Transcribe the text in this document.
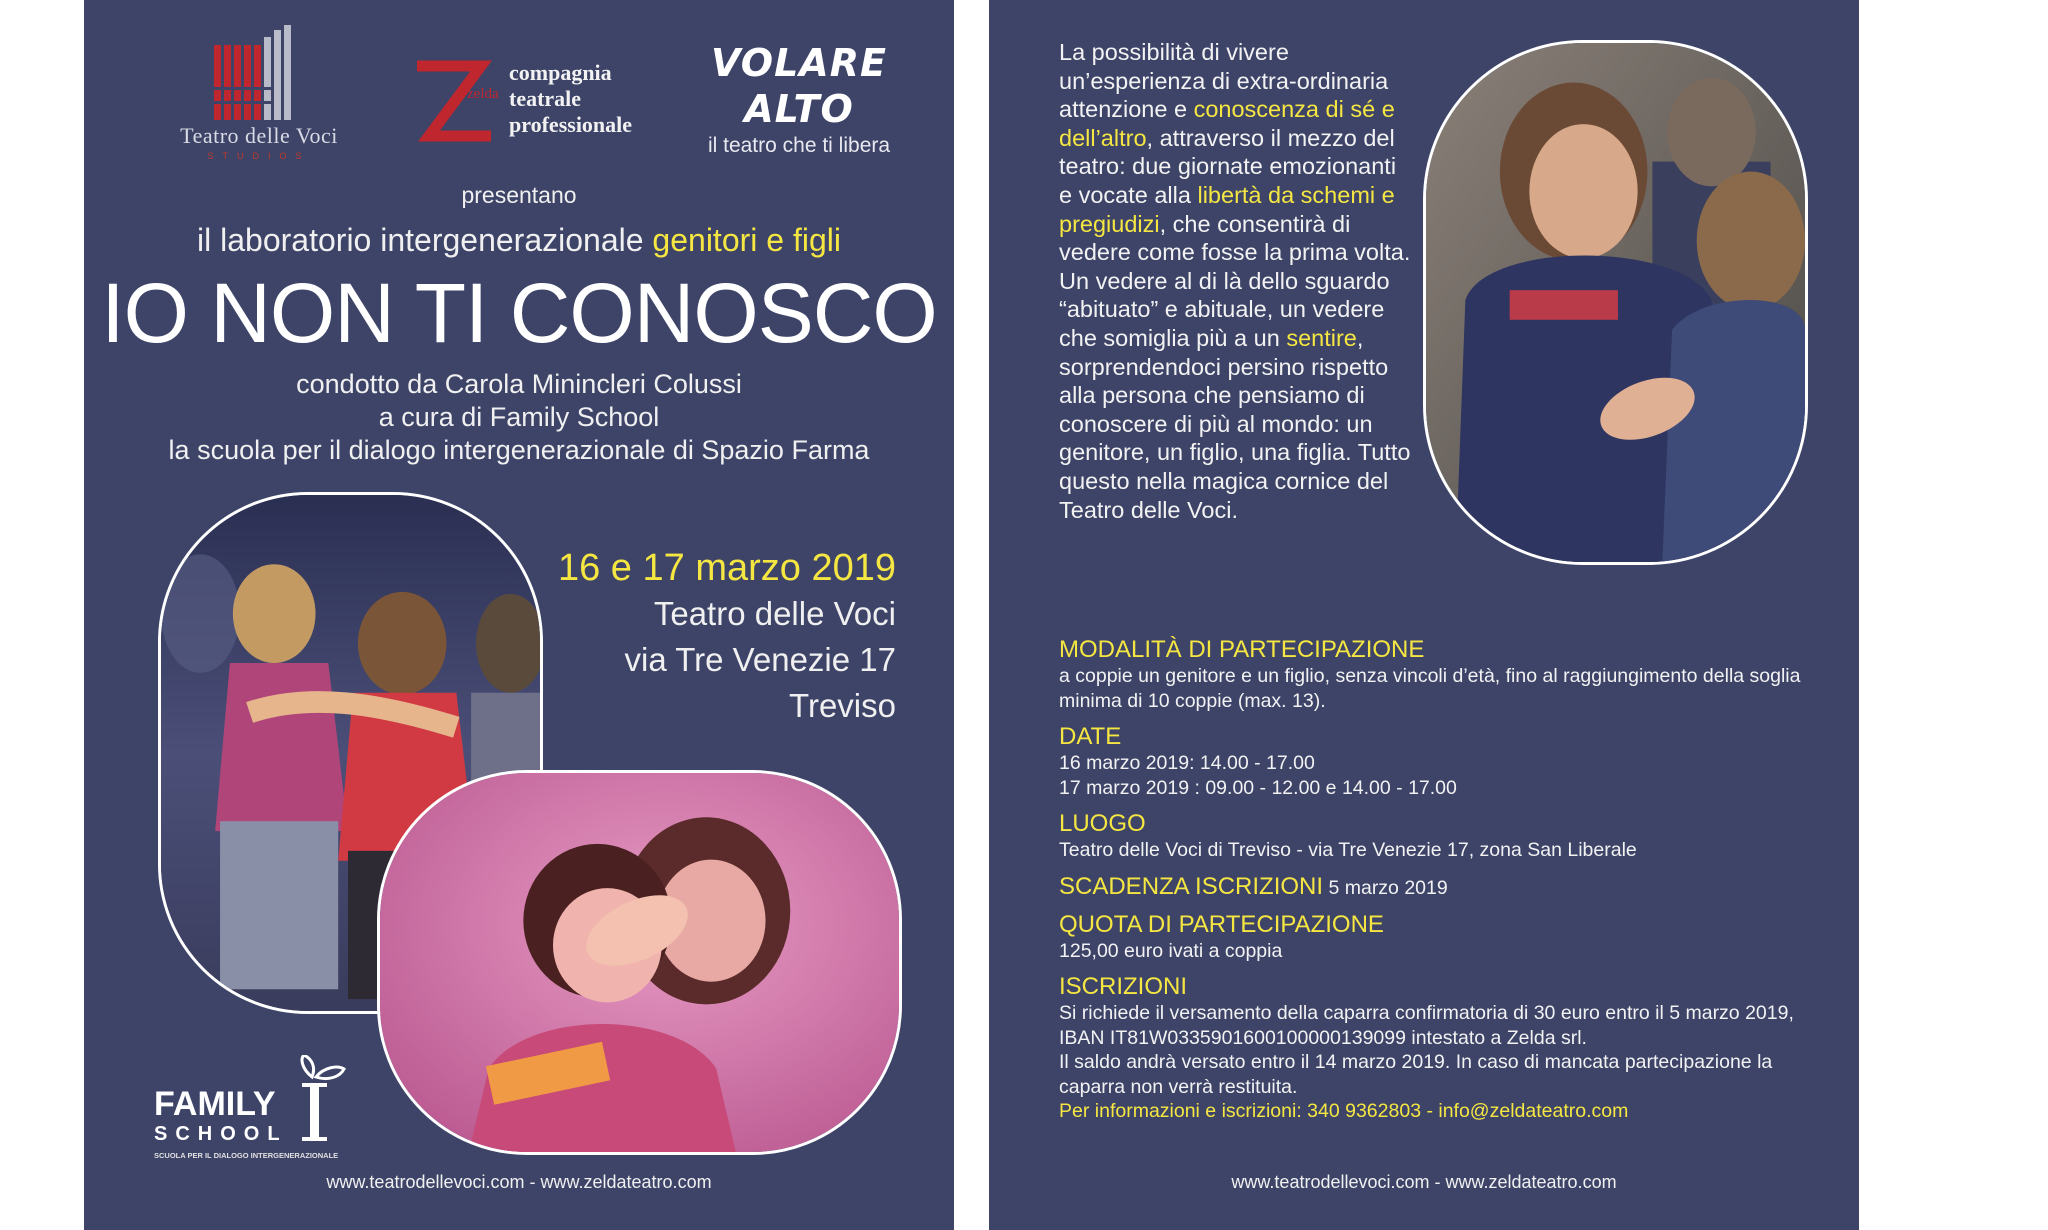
Teatro delle Voci
STUDIOS
zelda
compagnia
teatrale
professionale
VOLARE
ALTO
il teatro che ti libera
presentano
il laboratorio intergenerazionale genitori e figli
IO NON TI CONOSCO
condotto da Carola Minincleri Colussi
a cura di Family School
la scuola per il dialogo intergenerazionale di Spazio Farma
16 e 17 marzo 2019
Teatro delle Voci
via Tre Venezie 17
Treviso
FAMILY
SCHOOL
SCUOLA PER IL DIALOGO INTERGENERAZIONALE
www.teatrodellevoci.com - www.zeldateatro.com
La possibilità di vivere un’esperienza di extra-ordinaria attenzione e conoscenza di sé e dell’altro, attraverso il mezzo del teatro: due giornate emozionanti e vocate alla libertà da schemi e pregiudizi, che consentirà di vedere come fosse la prima volta.
Un vedere al di là dello sguardo “abituato” e abituale, un vedere che somiglia più a un sentire, sorprendendoci persino rispetto alla persona che pensiamo di conoscere di più al mondo: un genitore, un figlio, una figlia. Tutto questo nella magica cornice del Teatro delle Voci.
MODALITÀ DI PARTECIPAZIONE
a coppie un genitore e un figlio, senza vincoli d’età, fino al raggiungimento della soglia minima di 10 coppie (max. 13).
DATE
16 marzo 2019: 14.00 - 17.00
17 marzo 2019 : 09.00 - 12.00 e 14.00 - 17.00
LUOGO
Teatro delle Voci di Treviso - via Tre Venezie 17, zona San Liberale
SCADENZA ISCRIZIONI 5 marzo 2019
QUOTA DI PARTECIPAZIONE
125,00 euro ivati a coppia
ISCRIZIONI
Si richiede il versamento della caparra confirmatoria di 30 euro entro il 5 marzo 2019, IBAN IT81W0335901600100000139099 intestato a Zelda srl.
Il saldo andrà versato entro il 14 marzo 2019. In caso di mancata partecipazione la caparra non verrà restituita.
Per informazioni e iscrizioni: 340 9362803 - info@zeldateatro.com
www.teatrodellevoci.com - www.zeldateatro.com
